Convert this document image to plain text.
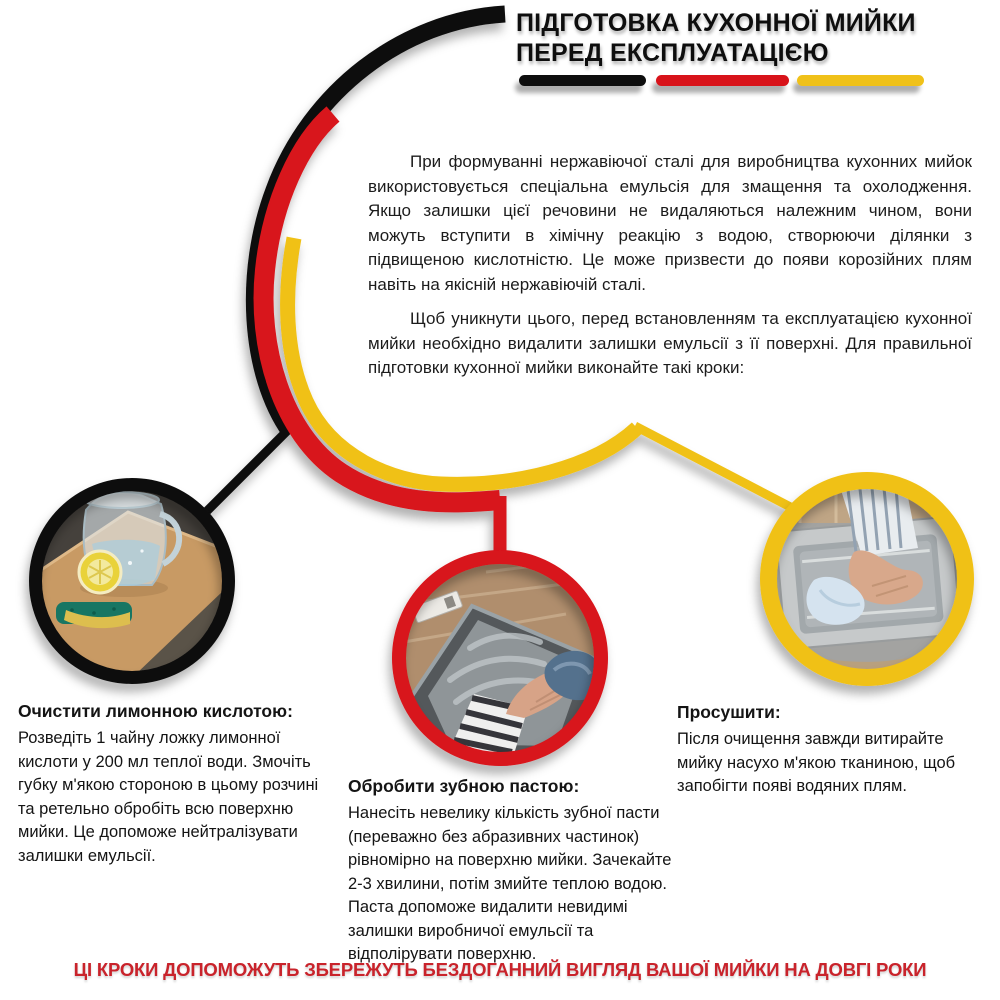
ПІДГОТОВКА КУХОННОЇ МИЙКИ
ПЕРЕД ЕКСПЛУАТАЦІЄЮ

При формуванні нержавіючої сталі для виробництва кухонних мийок використовується спеціальна емульсія для змащення та охолодження. Якщо залишки цієї речовини не видаляються належним чином, вони можуть вступити в хімічну реакцію з водою, створюючи ділянки з підвищеною кислотністю. Це може призвести до появи корозійних плям навіть на якісній нержавіючій сталі.

Щоб уникнути цього, перед встановленням та експлуатацією кухонної мийки необхідно видалити залишки емульсії з її поверхні. Для правильної підготовки кухонної мийки виконайте такі кроки:

Очистити лимонною кислотою:

Розведіть 1 чайну ложку лимонної кислоти у 200 мл теплої води. Змочіть губку м'якою стороною в цьому розчині та ретельно обробіть всю поверхню мийки. Це допоможе нейтралізувати залишки емульсії.

Обробити зубною пастою:

Нанесіть невелику кількість зубної пасти (переважно без абразивних частинок) рівномірно на поверхню мийки. Зачекайте 2-3 хвилини, потім змийте теплою водою. Паста допоможе видалити невидимі залишки виробничої емульсії та відполірувати поверхню.

Просушити:

Після очищення завжди витирайте мийку насухо м'якою тканиною, щоб запобігти появі водяних плям.

ЦІ КРОКИ ДОПОМОЖУТЬ ЗБЕРЕЖУТЬ БЕЗДОГАННИЙ ВИГЛЯД ВАШОЇ МИЙКИ НА ДОВГІ РОКИ
